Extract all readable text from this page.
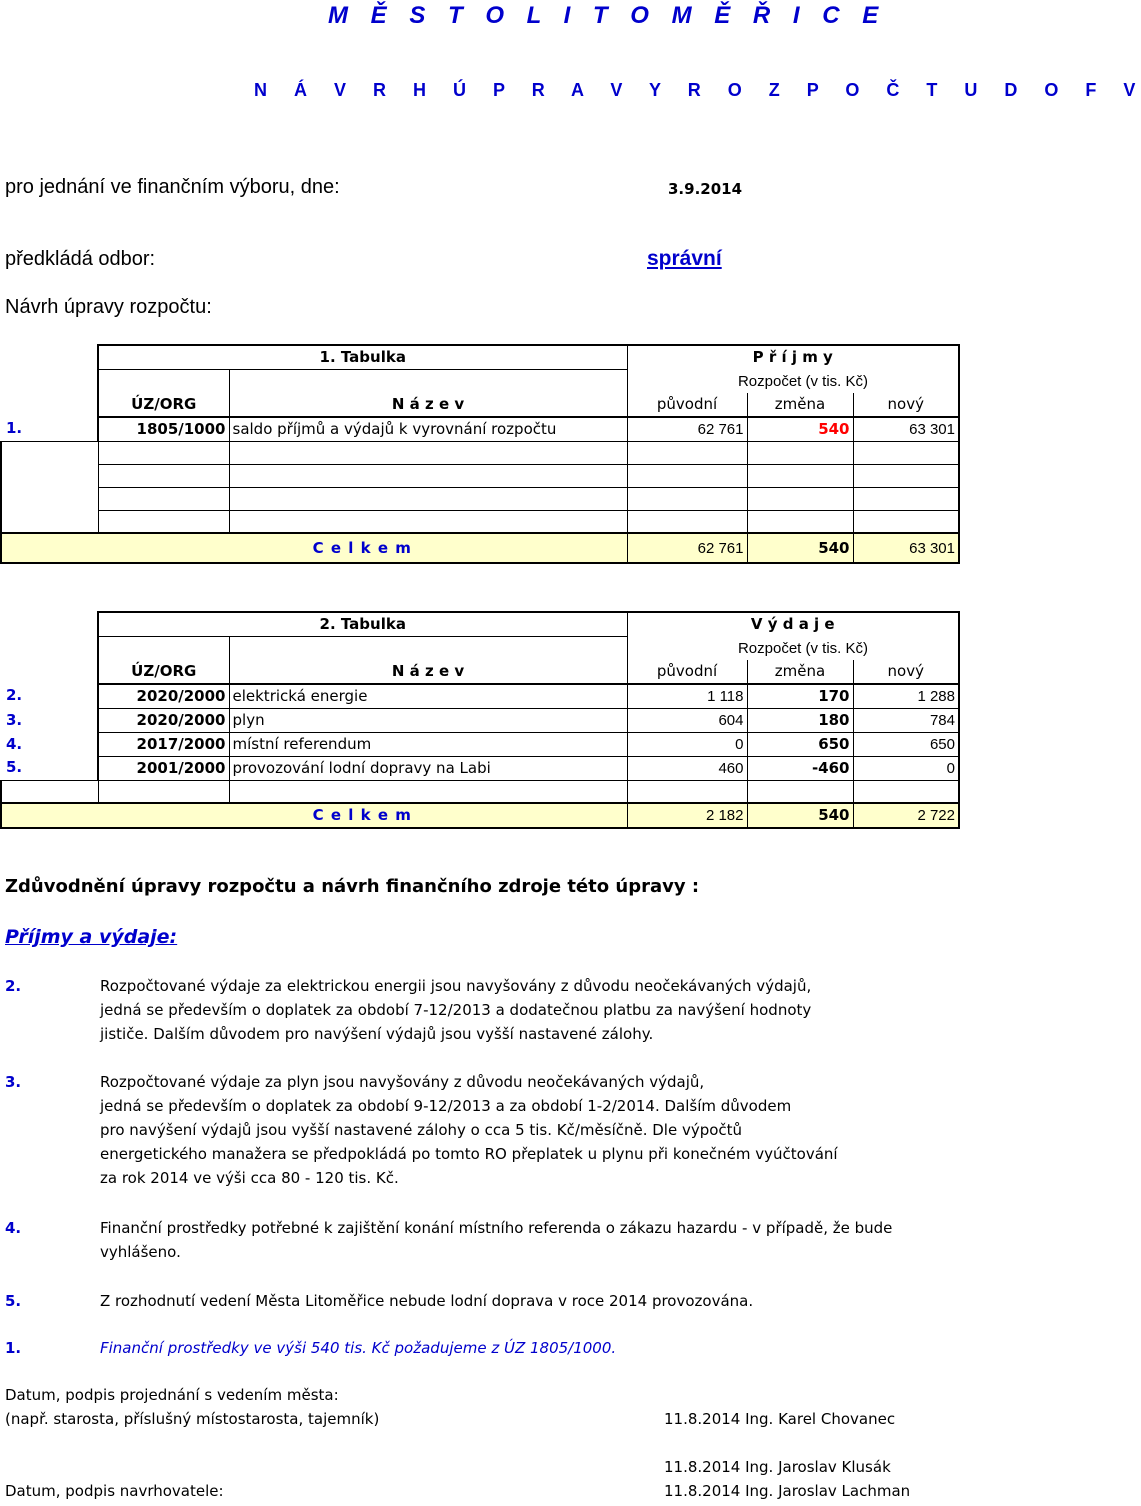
M Ě S T O L I T O M Ě Ř I C E
N Á V R H Ú P R A V Y R O Z P O Č T U D O F V
pro jednání ve finančním výboru, dne:	3.9.2014
předkládá odbor:	správní
Návrh úpravy rozpočtu:
	1. Tabulka		P ř í j m y		
			Rozpočet (v tis. Kč)		
	ÚZ/ORG	N á z e v	původní	změna	nový
1.	1805/1000	saldo příjmů a výdajů k vyrovnání rozpočtu	62 761	540	63 301

	C e l k e m		62 761	540	63 301
	2. Tabulka		V ý d a j e		
			Rozpočet (v tis. Kč)		
	ÚZ/ORG	N á z e v	původní	změna	nový
2.	2020/2000	elektrická energie	1 118	170	1 288
3.	2020/2000	plyn	604	180	784
4.	2017/2000	místní referendum	0	650	650
5.	2001/2000	provozování lodní dopravy na Labi	460	-460	0

	C e l k e m		2 182	540	2 722
Zdůvodnění úpravy rozpočtu a návrh finančního zdroje této úpravy :
Příjmy a výdaje:
2.	Rozpočtované výdaje za elektrickou energii jsou navyšovány z důvodu neočekávaných výdajů,
jedná se především o doplatek za období 7-12/2013 a dodatečnou platbu za navýšení hodnoty
jističe. Dalším důvodem pro navýšení výdajů jsou vyšší nastavené zálohy.
3.	Rozpočtované výdaje za plyn jsou navyšovány z důvodu neočekávaných výdajů,
jedná se především o doplatek za období 9-12/2013 a za období 1-2/2014. Dalším důvodem
pro navýšení výdajů jsou vyšší nastavené zálohy o cca 5 tis. Kč/měsíčně. Dle výpočtů
energetického manažera se předpokládá po tomto RO přeplatek u plynu při konečném vyúčtování
za rok 2014 ve výši cca 80 - 120 tis. Kč.
4.	Finanční prostředky potřebné k zajištění konání místního referenda o zákazu hazardu - v případě, že bude
vyhlášeno.
5.	Z rozhodnutí vedení Města Litoměřice nebude lodní doprava v roce 2014 provozována.
1.	Finanční prostředky ve výši 540 tis. Kč požadujeme z ÚZ 1805/1000.
Datum, podpis projednání s vedením města:
(např. starosta, příslušný místostarosta, tajemník)	11.8.2014 Ing. Karel Chovanec
11.8.2014 Ing. Jaroslav Klusák
Datum, podpis navrhovatele:	11.8.2014 Ing. Jaroslav Lachman
